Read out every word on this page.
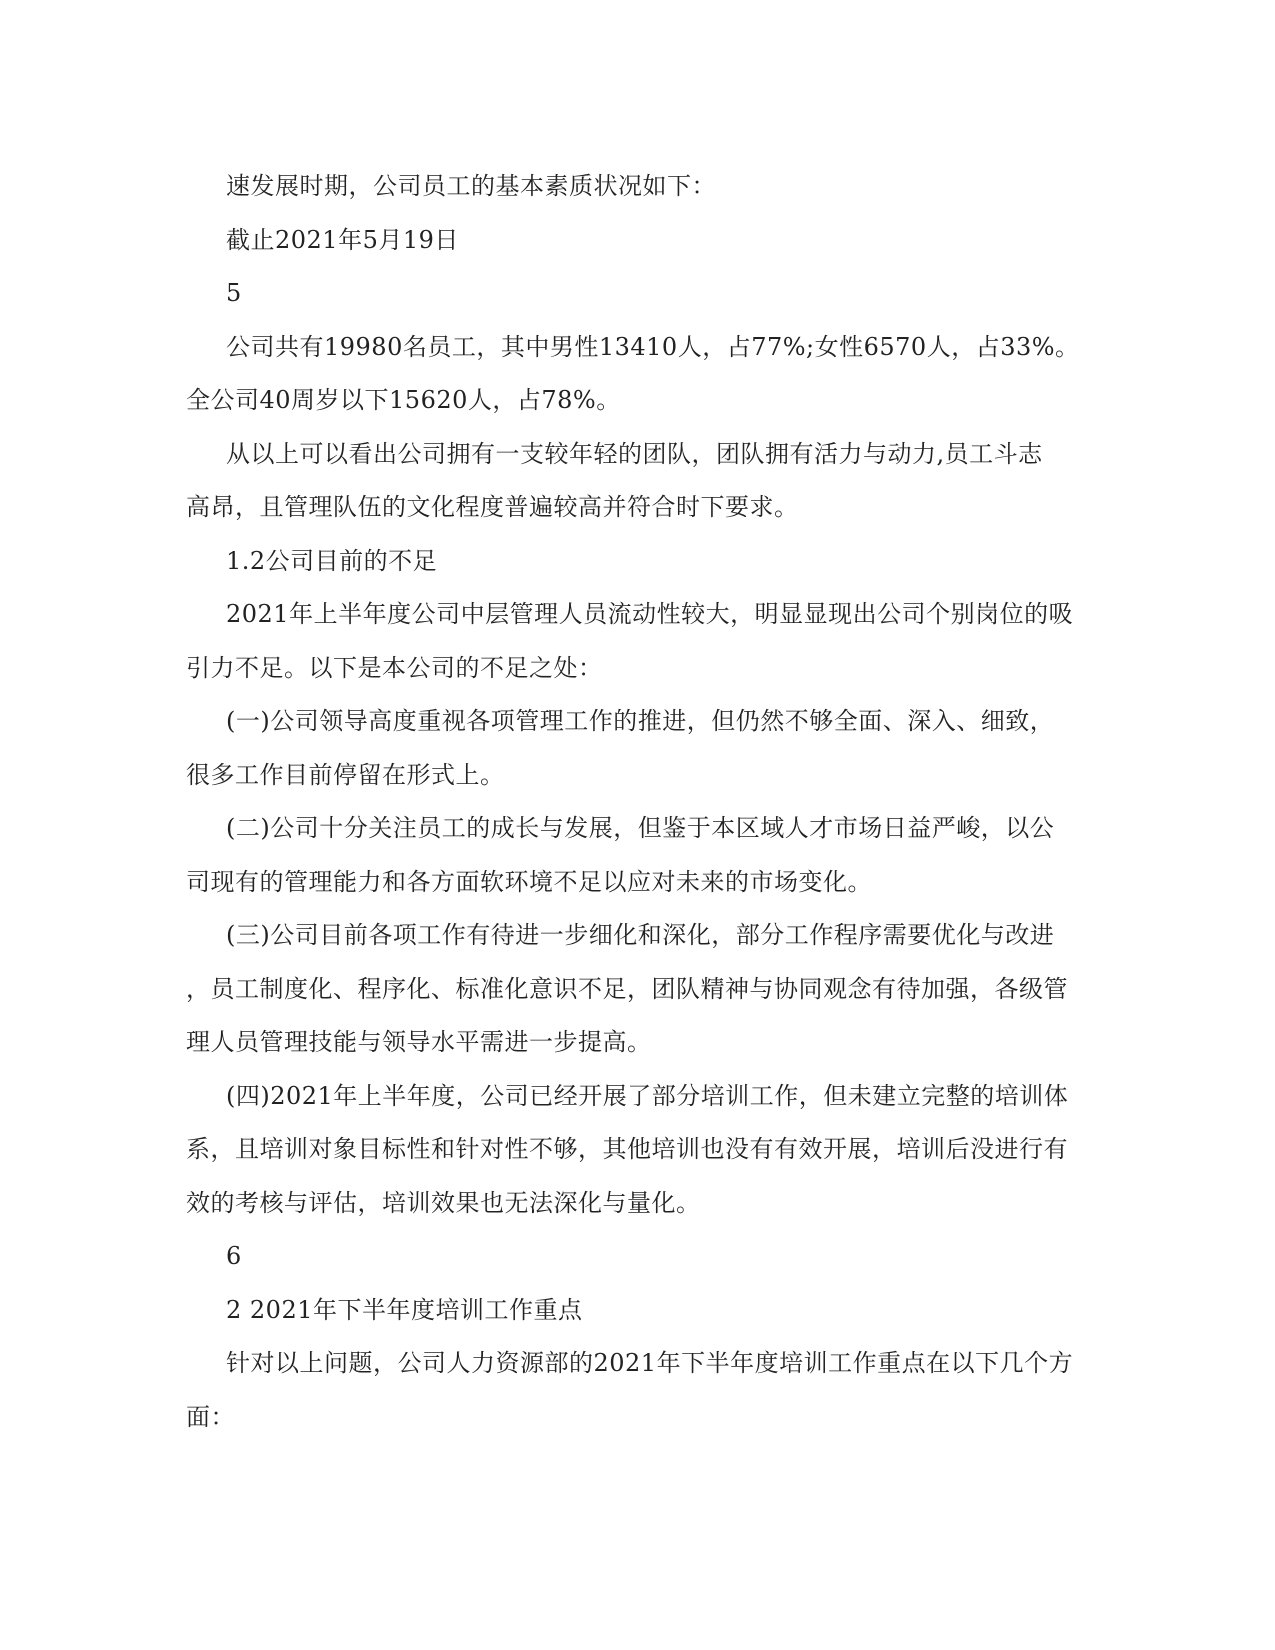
速发展时期，公司员工的基本素质状况如下：
截止2021年5月19日
5
公司共有19980名员工，其中男性13410人，占77%;女性6570人，占33%。
全公司40周岁以下15620人，占78%。
从以上可以看出公司拥有一支较年轻的团队，团队拥有活力与动力,员工斗志
高昂，且管理队伍的文化程度普遍较高并符合时下要求。
1.2公司目前的不足
2021年上半年度公司中层管理人员流动性较大，明显显现出公司个别岗位的吸
引力不足。以下是本公司的不足之处：
(一)公司领导高度重视各项管理工作的推进，但仍然不够全面、深入、细致，
很多工作目前停留在形式上。
(二)公司十分关注员工的成长与发展，但鉴于本区域人才市场日益严峻，以公
司现有的管理能力和各方面软环境不足以应对未来的市场变化。
(三)公司目前各项工作有待进一步细化和深化，部分工作程序需要优化与改进
，员工制度化、程序化、标准化意识不足，团队精神与协同观念有待加强，各级管
理人员管理技能与领导水平需进一步提高。
(四)2021年上半年度，公司已经开展了部分培训工作，但未建立完整的培训体
系，且培训对象目标性和针对性不够，其他培训也没有有效开展，培训后没进行有
效的考核与评估，培训效果也无法深化与量化。
6
2 2021年下半年度培训工作重点
针对以上问题，公司人力资源部的2021年下半年度培训工作重点在以下几个方
面：
